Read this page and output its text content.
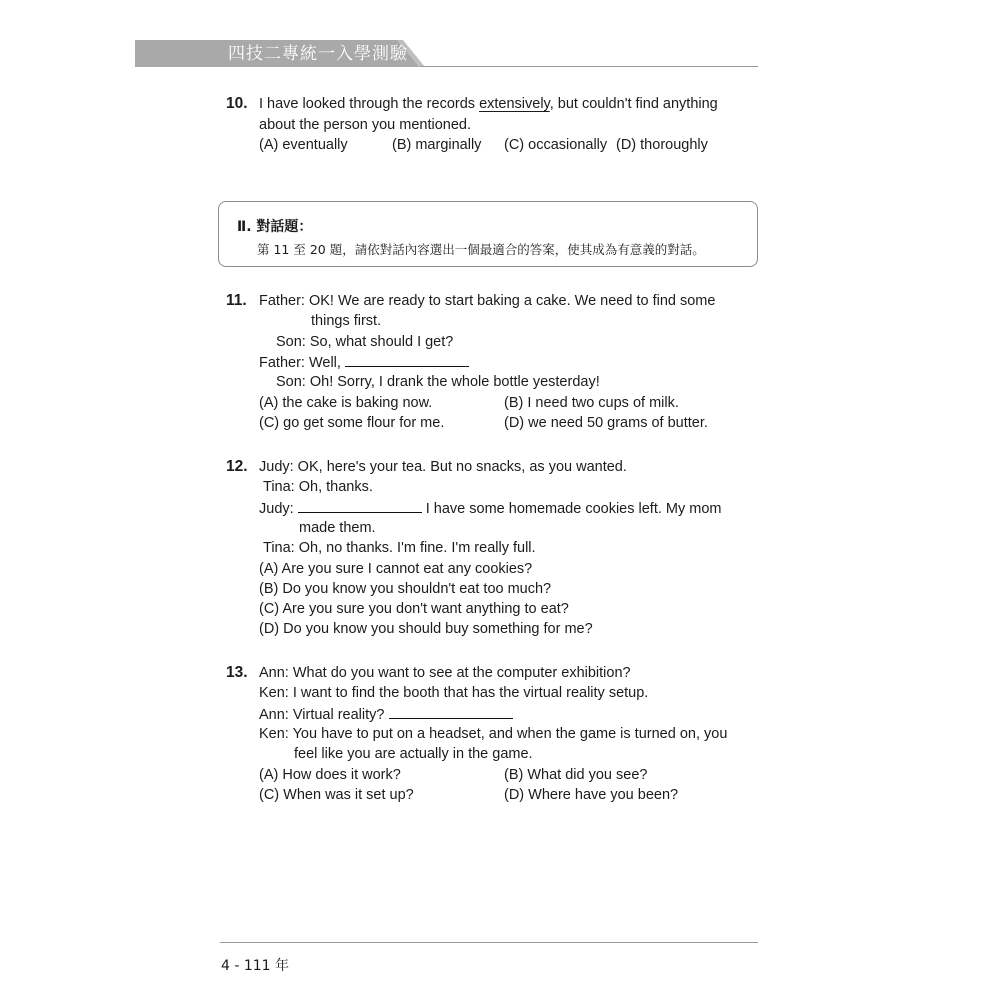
四技二專統一入學測驗
10. I have looked through the records extensively, but couldn't find anything
about the person you mentioned.
(A) eventually	(B) marginally (C) occasionally (D) thoroughly
Ⅱ. 對話題：
第 11 至 20 題，請依對話內容選出一個最適合的答案，使其成為有意義的對話。
11. Father: OK! We are ready to start baking a cake. We need to find some
things first.
Son: So, what should I get?
Father: Well,
Son: Oh! Sorry, I drank the whole bottle yesterday!
(A) the cake is baking now.	(B) I need two cups of milk.
(C) go get some flour for me.	(D) we need 50 grams of butter.
12. Judy: OK, here's your tea. But no snacks, as you wanted.
Tina: Oh, thanks.
Judy:	I have some homemade cookies left. My mom
made them.
Tina: Oh, no thanks. I'm fine. I'm really full.
(A) Are you sure I cannot eat any cookies?
(B) Do you know you shouldn't eat too much?
(C) Are you sure you don't want anything to eat?
(D) Do you know you should buy something for me?
13. Ann: What do you want to see at the computer exhibition?
Ken: I want to find the booth that has the virtual reality setup.
Ann: Virtual reality?
Ken: You have to put on a headset, and when the game is turned on, you
feel like you are actually in the game.
(A) How does it work?	(B) What did you see?
(C) When was it set up?	(D) Where have you been?
4 - 111 年
